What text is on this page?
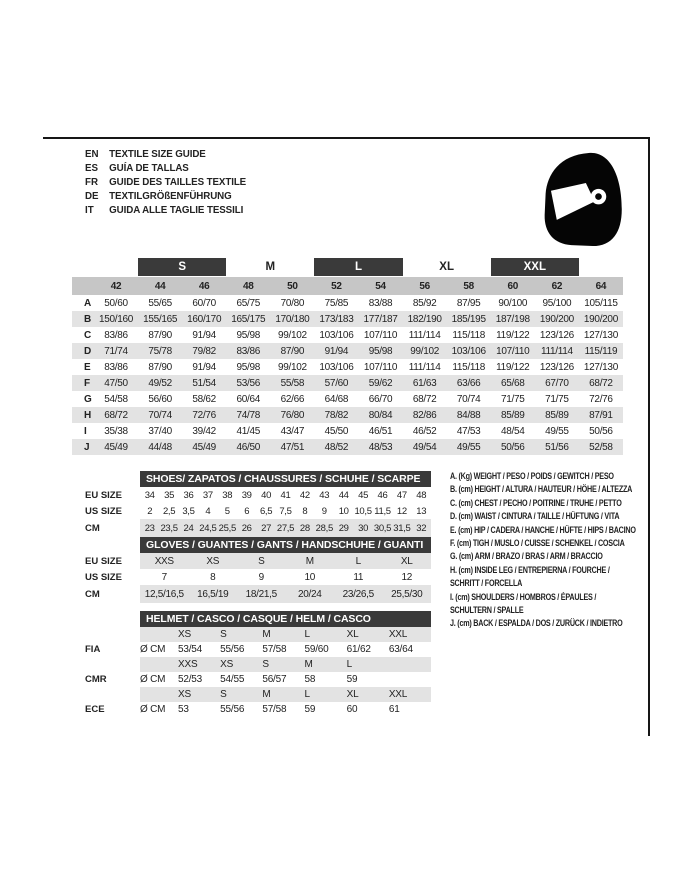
EN	TEXTILE SIZE GUIDE
ES	GUÍA DE TALLAS
FR	GUIDE DES TAILLES TEXTILE
DE	TEXTILGRÖßENFÜHRUNG
IT	GUIDA ALLE TAGLIE TESSILI
S	M	L	XL	XXL
42	44	46	48	50	52	54	56	58	60	62	64
A	50/60	55/65	60/70	65/75	70/80	75/85	83/88	85/92	87/95	90/100	95/100	105/115
B 150/160	155/165	160/170	165/175	170/180	173/183	177/187	182/190	185/195	187/198	190/200	190/200
C	83/86	87/90	91/94	95/98	99/102	103/106	107/110	111/114	115/118	119/122	123/126	127/130
D	71/74	75/78	79/82	83/86	87/90	91/94	95/98	99/102	103/106	107/110	111/114	115/119
E	83/86	87/90	91/94	95/98	99/102	103/106	107/110	111/114	115/118	119/122	123/126	127/130
F	47/50	49/52	51/54	53/56	55/58	57/60	59/62	61/63	63/66	65/68	67/70	68/72
G	54/58	56/60	58/62	60/64	62/66	64/68	66/70	68/72	70/74	71/75	71/75	72/76
H	68/72	70/74	72/76	74/78	76/80	78/82	80/84	82/86	84/88	85/89	85/89	87/91
I	35/38	37/40	39/42	41/45	43/47	45/50	46/51	46/52	47/53	48/54	49/55	50/56
J	45/49	44/48	45/49	46/50	47/51	48/52	48/53	49/54	49/55	50/56	51/56	52/58
SHOES/ ZAPATOS / CHAUSSURES / SCHUHE / SCARPE
EU SIZE	34 35 36 37 38 39 40 41 42 43 44 45 46 47 48
US SIZE	2	2,5 3,5	4	5	6	6,5 7,5	8	9	10 10,5 11,5 12 13
CM	23 23,5 24 24,5 25,5 26 27 27,5 28 28,5 29 30 30,5 31,5 32
GLOVES / GUANTES / GANTS / HANDSCHUHE / GUANTI
EU SIZE	XXS	XS	S	M	L	XL
US SIZE	7	8	9	10	11	12
CM	12,5/16,5	16,5/19	18/21,5	20/24	23/26,5	25,5/30
HELMET / CASCO / CASQUE / HELM / CASCO
FIA
XS	S	M	L	XL	XXL
Ø CM	53/54	55/56	57/58	59/60	61/62	63/64
CMR
XXS	XS	S	M	L
Ø CM	52/53	54/55	56/57	58	59
ECE
XS	S	M	L	XL	XXL
Ø CM	53	55/56	57/58	59	60	61
A. (Kg) WEIGHT / PESO / POIDS / GEWITCH / PESO
B. (cm) HEIGHT / ALTURA / HAUTEUR / HÖHE / ALTEZZA
C. (cm) CHEST / PECHO / POITRINE / TRUHE / PETTO
D. (cm) WAIST / CINTURA / TAILLE / HÜFTUNG / VITA
E. (cm) HIP / CADERA / HANCHE / HÜFTE / HIPS / BACINO
F. (cm) TIGH / MUSLO / CUISSE / SCHENKEL / COSCIA
G. (cm) ARM / BRAZO / BRAS / ARM / BRACCIO
H. (cm) INSIDE LEG / ENTREPIERNA / FOURCHE /
SCHRITT / FORCELLA
I. (cm) SHOULDERS / HOMBROS / ÉPAULES /
SCHULTERN / SPALLE
J. (cm) BACK / ESPALDA / DOS / ZURÜCK / INDIETRO
